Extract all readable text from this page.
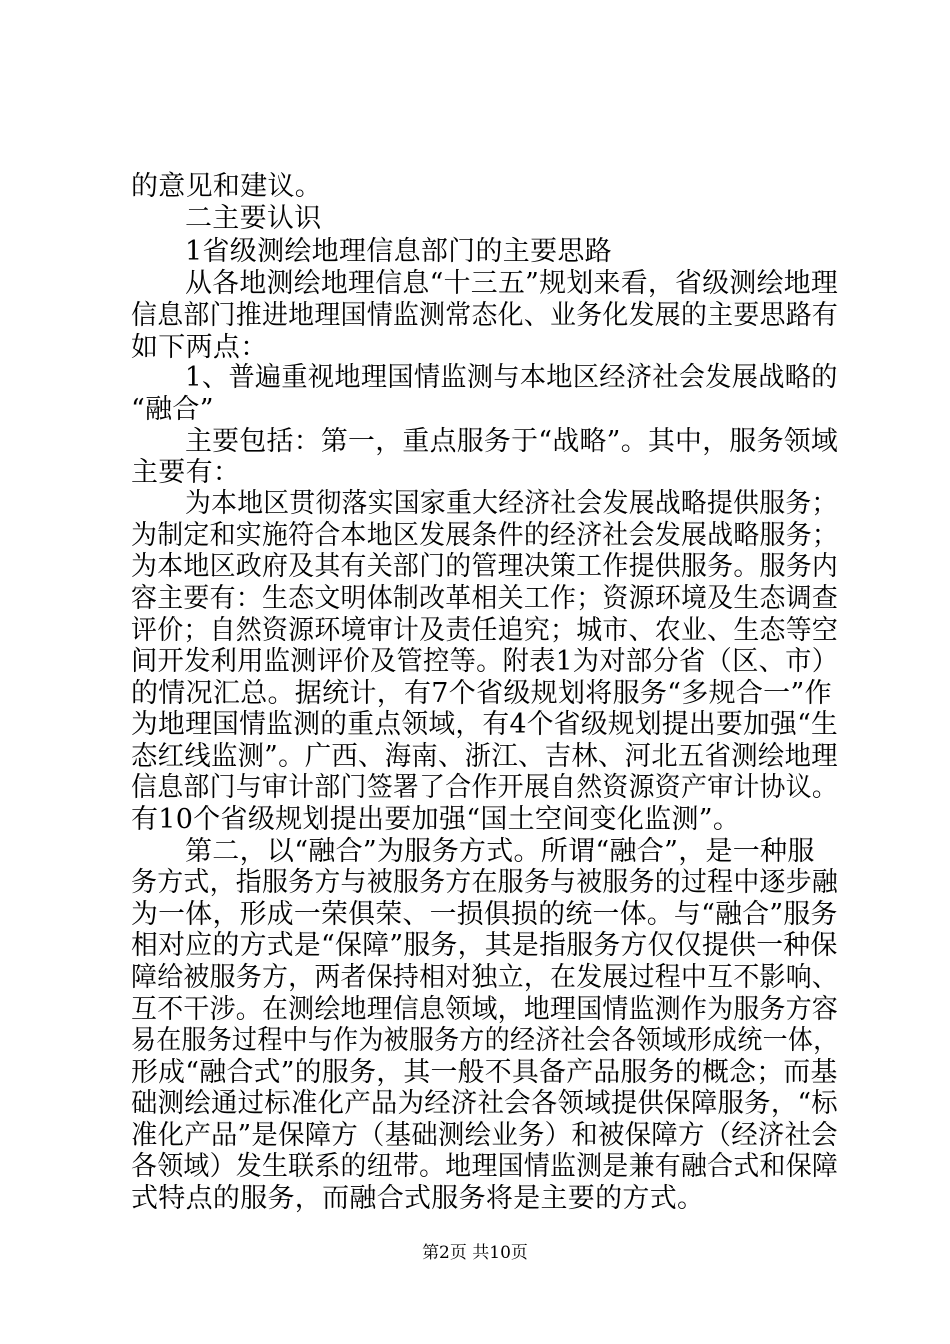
的意见和建议。
二主要认识
1省级测绘地理信息部门的主要思路
从各地测绘地理信息“十三五”规划来看，省级测绘地理
信息部门推进地理国情监测常态化、业务化发展的主要思路有
如下两点：
1、普遍重视地理国情监测与本地区经济社会发展战略的
“融合”
主要包括：第一，重点服务于“战略”。其中，服务领域
主要有：
为本地区贯彻落实国家重大经济社会发展战略提供服务；
为制定和实施符合本地区发展条件的经济社会发展战略服务；
为本地区政府及其有关部门的管理决策工作提供服务。服务内
容主要有：生态文明体制改革相关工作；资源环境及生态调查
评价；自然资源环境审计及责任追究；城市、农业、生态等空
间开发利用监测评价及管控等。附表1为对部分省（区、市）
的情况汇总。据统计，有7个省级规划将服务“多规合一”作
为地理国情监测的重点领域，有4个省级规划提出要加强“生
态红线监测”。广西、海南、浙江、吉林、河北五省测绘地理
信息部门与审计部门签署了合作开展自然资源资产审计协议。
有10个省级规划提出要加强“国土空间变化监测”。
第二，以“融合”为服务方式。所谓“融合”，是一种服
务方式，指服务方与被服务方在服务与被服务的过程中逐步融
为一体，形成一荣俱荣、一损俱损的统一体。与“融合”服务
相对应的方式是“保障”服务，其是指服务方仅仅提供一种保
障给被服务方，两者保持相对独立，在发展过程中互不影响、
互不干涉。在测绘地理信息领域，地理国情监测作为服务方容
易在服务过程中与作为被服务方的经济社会各领域形成统一体，
形成“融合式”的服务，其一般不具备产品服务的概念；而基
础测绘通过标准化产品为经济社会各领域提供保障服务，“标
准化产品”是保障方（基础测绘业务）和被保障方（经济社会
各领域）发生联系的纽带。地理国情监测是兼有融合式和保障
式特点的服务，而融合式服务将是主要的方式。
第2页 共10页
